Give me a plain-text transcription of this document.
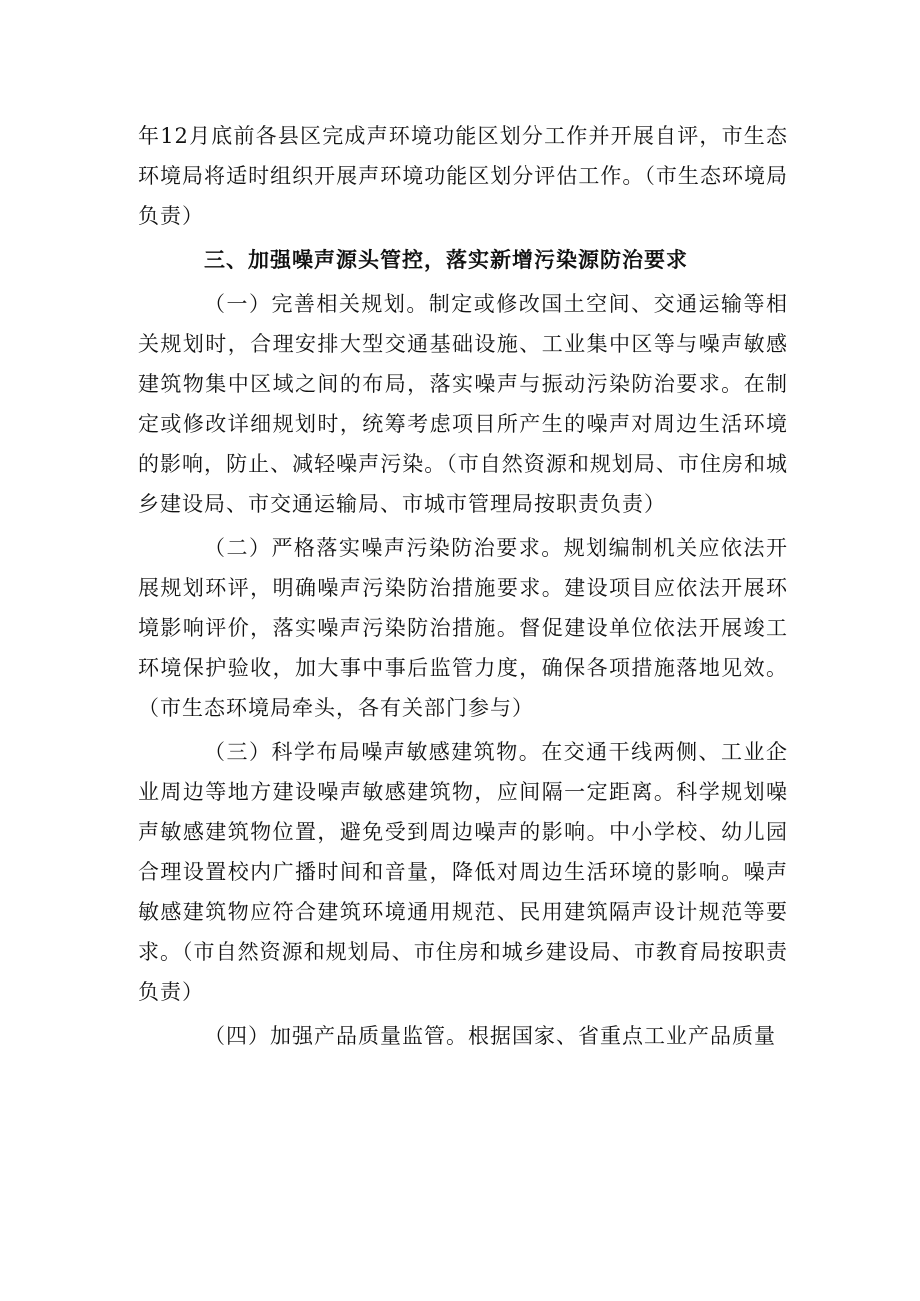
年12月底前各县区完成声环境功能区划分工作并开展自评，市生态环境局将适时组织开展声环境功能区划分评估工作。（市生态环境局负责）

三、加强噪声源头管控，落实新增污染源防治要求

（一）完善相关规划。制定或修改国土空间、交通运输等相关规划时，合理安排大型交通基础设施、工业集中区等与噪声敏感建筑物集中区域之间的布局，落实噪声与振动污染防治要求。在制定或修改详细规划时，统筹考虑项目所产生的噪声对周边生活环境的影响，防止、减轻噪声污染。（市自然资源和规划局、市住房和城乡建设局、市交通运输局、市城市管理局按职责负责）

（二）严格落实噪声污染防治要求。规划编制机关应依法开展规划环评，明确噪声污染防治措施要求。建设项目应依法开展环境影响评价，落实噪声污染防治措施。督促建设单位依法开展竣工环境保护验收，加大事中事后监管力度，确保各项措施落地见效。（市生态环境局牵头，各有关部门参与）

（三）科学布局噪声敏感建筑物。在交通干线两侧、工业企业周边等地方建设噪声敏感建筑物，应间隔一定距离。科学规划噪声敏感建筑物位置，避免受到周边噪声的影响。中小学校、幼儿园合理设置校内广播时间和音量，降低对周边生活环境的影响。噪声敏感建筑物应符合建筑环境通用规范、民用建筑隔声设计规范等要求。（市自然资源和规划局、市住房和城乡建设局、市教育局按职责负责）

（四）加强产品质量监管。根据国家、省重点工业产品质量
